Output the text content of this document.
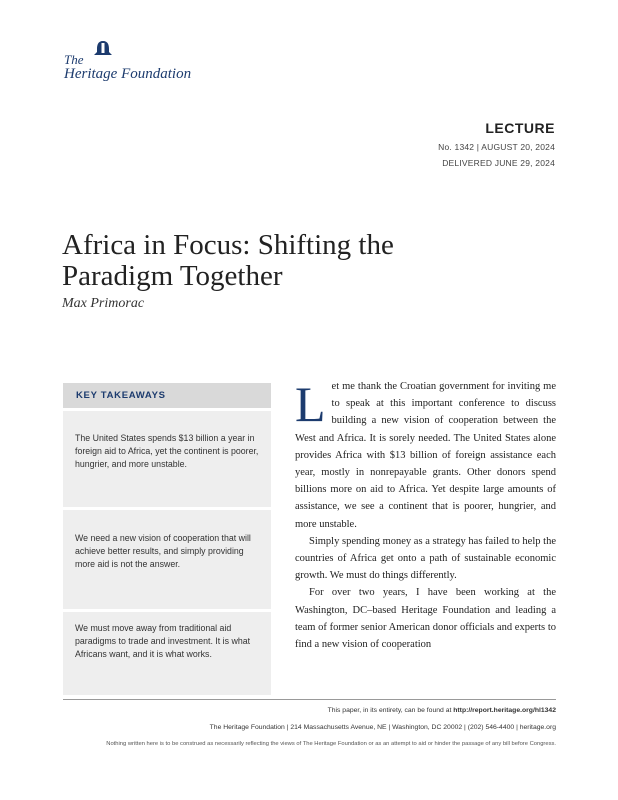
The
Heritage Foundation
LECTURE
No. 1342 | AUGUST 20, 2024
DELIVERED JUNE 29, 2024
Africa in Focus: Shifting the Paradigm Together
Max Primorac
KEY TAKEAWAYS
The United States spends $13 billion a year in foreign aid to Africa, yet the continent is poorer, hungrier, and more unstable.
We need a new vision of cooperation that will achieve better results, and simply providing more aid is not the answer.
We must move away from traditional aid paradigms to trade and investment. It is what Africans want, and it is what works.

Let me thank the Croatian government for inviting me to speak at this important conference to discuss building a new vision of cooperation between the West and Africa. It is sorely needed. The United States alone provides Africa with $13 billion of foreign assistance each year, mostly in nonrepayable grants. Other donors spend billions more on aid to Africa. Yet despite large amounts of assistance, we see a continent that is poorer, hungrier, and more unstable.

Simply spending money as a strategy has failed to help the countries of Africa get onto a path of sustainable economic growth. We must do things differently.

For over two years, I have been working at the Washington, DC–based Heritage Foundation and leading a team of former senior American donor officials and experts to find a new vision of cooperation

This paper, in its entirety, can be found at http://report.heritage.org/hl1342
The Heritage Foundation | 214 Massachusetts Avenue, NE | Washington, DC 20002 | (202) 546-4400 | heritage.org
Nothing written here is to be construed as necessarily reflecting the views of The Heritage Foundation or as an attempt to aid or hinder the passage of any bill before Congress.
